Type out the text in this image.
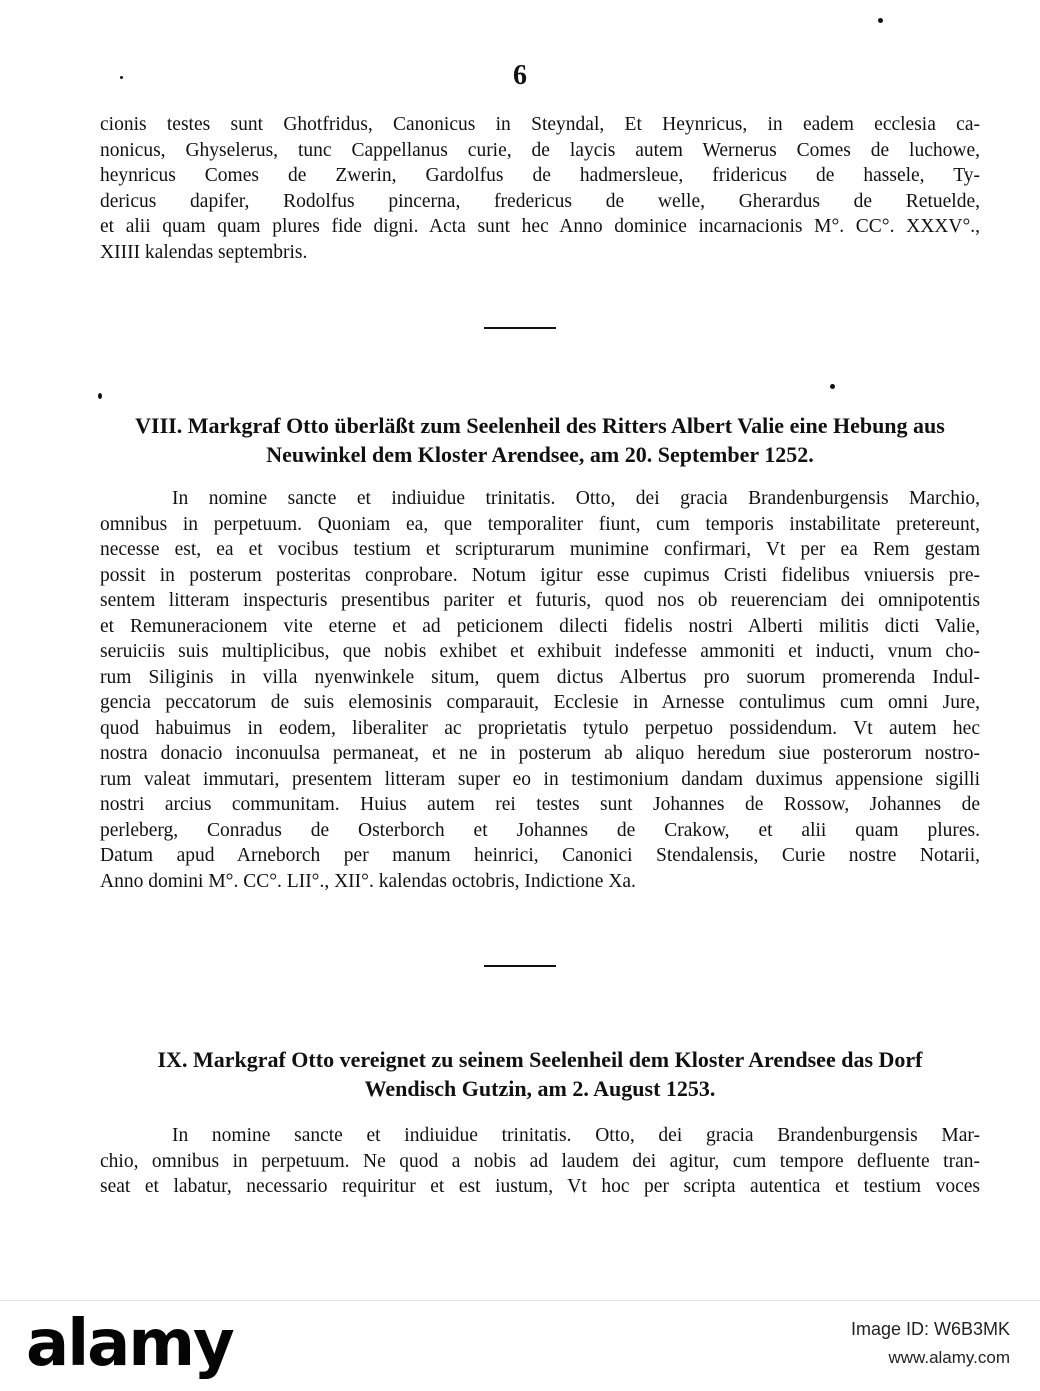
6
cionis testes sunt Ghotfridus, Canonicus in Steyndal, Et Heynricus, in eadem ecclesia ca-
nonicus, Ghyselerus, tunc Cappellanus curie, de laycis autem Wernerus Comes de luchowe,
heynricus Comes de Zwerin, Gardolfus de hadmersleue, fridericus de hassele, Ty-
dericus dapifer, Rodolfus pincerna, fredericus de welle, Gherardus de Retuelde,
et alii quam quam plures fide digni. Acta sunt hec Anno dominice incarnacionis M°. CC°. XXXV°.,
XIIII kalendas septembris.
VIII. Markgraf Otto überläßt zum Seelenheil des Ritters Albert Valie eine Hebung aus
Neuwinkel dem Kloster Arendsee, am 20. September 1252.
In nomine sancte et indiuidue trinitatis. Otto, dei gracia Brandenburgensis Marchio,
omnibus in perpetuum. Quoniam ea, que temporaliter fiunt, cum temporis instabilitate pretereunt,
necesse est, ea et vocibus testium et scripturarum munimine confirmari, Vt per ea Rem gestam
possit in posterum posteritas conprobare. Notum igitur esse cupimus Cristi fidelibus vniuersis pre-
sentem litteram inspecturis presentibus pariter et futuris, quod nos ob reuerenciam dei omnipotentis
et Remuneracionem vite eterne et ad peticionem dilecti fidelis nostri Alberti militis dicti Valie,
seruiciis suis multiplicibus, que nobis exhibet et exhibuit indefesse ammoniti et inducti, vnum cho-
rum Siliginis in villa nyenwinkele situm, quem dictus Albertus pro suorum promerenda Indul-
gencia peccatorum de suis elemosinis comparauit, Ecclesie in Arnesse contulimus cum omni Jure,
quod habuimus in eodem, liberaliter ac proprietatis tytulo perpetuo possidendum. Vt autem hec
nostra donacio inconuulsa permaneat, et ne in posterum ab aliquo heredum siue posterorum nostro-
rum valeat immutari, presentem litteram super eo in testimonium dandam duximus appensione sigilli
nostri arcius communitam. Huius autem rei testes sunt Johannes de Rossow, Johannes de
perleberg, Conradus de Osterborch et Johannes de Crakow, et alii quam plures.
Datum apud Arneborch per manum heinrici, Canonici Stendalensis, Curie nostre Notarii,
Anno domini M°. CC°. LII°., XII°. kalendas octobris, Indictione Xa.
IX. Markgraf Otto vereignet zu seinem Seelenheil dem Kloster Arendsee das Dorf
Wendisch Gutzin, am 2. August 1253.
In nomine sancte et indiuidue trinitatis. Otto, dei gracia Brandenburgensis Mar-
chio, omnibus in perpetuum. Ne quod a nobis ad laudem dei agitur, cum tempore defluente tran-
seat et labatur, necessario requiritur et est iustum, Vt hoc per scripta autentica et testium voces
alamy	Image ID: W6B3MK
www.alamy.com
